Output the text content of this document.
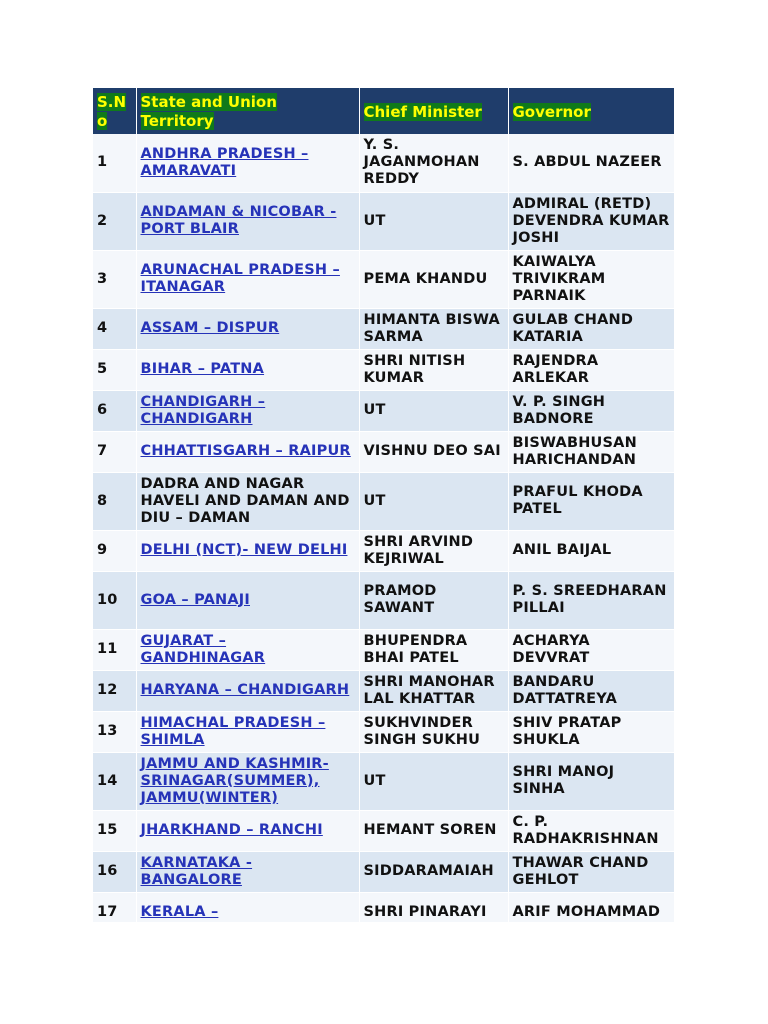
S.N o	State and Union Territory	Chief Minister	Governor
1	ANDHRA PRADESH – AMARAVATI	Y. S. JAGANMOHAN REDDY	S. ABDUL NAZEER
2	ANDAMAN & NICOBAR - PORT BLAIR	UT	ADMIRAL (RETD) DEVENDRA KUMAR JOSHI
3	ARUNACHAL PRADESH – ITANAGAR	PEMA KHANDU	KAIWALYA TRIVIKRAM PARNAIK
4	ASSAM – DISPUR	HIMANTA BISWA SARMA	GULAB CHAND KATARIA
5	BIHAR – PATNA	SHRI NITISH KUMAR	RAJENDRA ARLEKAR
6	CHANDIGARH – CHANDIGARH	UT	V. P. SINGH BADNORE
7	CHHATTISGARH – RAIPUR	VISHNU DEO SAI	BISWABHUSAN HARICHANDAN
8	DADRA AND NAGAR HAVELI AND DAMAN AND DIU – DAMAN	UT	PRAFUL KHODA PATEL
9	DELHI (NCT)- NEW DELHI	SHRI ARVIND KEJRIWAL	ANIL BAIJAL
10	GOA – PANAJI	PRAMOD SAWANT	P. S. SREEDHARAN PILLAI
11	GUJARAT – GANDHINAGAR	BHUPENDRA BHAI PATEL	ACHARYA DEVVRAT
12	HARYANA – CHANDIGARH	SHRI MANOHAR LAL KHATTAR	BANDARU DATTATREYA
13	HIMACHAL PRADESH – SHIMLA	SUKHVINDER SINGH SUKHU	SHIV PRATAP SHUKLA
14	JAMMU AND KASHMIR- SRINAGAR(SUMMER), JAMMU(WINTER)	UT	SHRI MANOJ SINHA
15	JHARKHAND – RANCHI	HEMANT SOREN	C. P. RADHAKRISHNAN
16	KARNATAKA - BANGALORE	SIDDARAMAIAH	THAWAR CHAND GEHLOT
17	KERALA –	SHRI PINARAYI	ARIF MOHAMMAD
